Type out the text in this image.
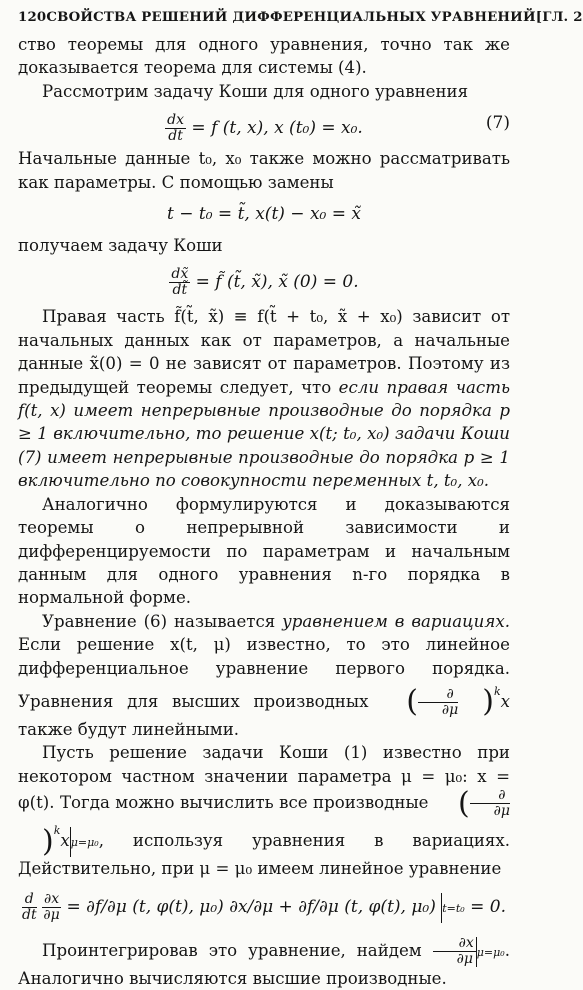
120 СВОЙСТВА РЕШЕНИЙ ДИФФЕРЕНЦИАЛЬНЫХ УРАВНЕНИЙ [ГЛ. 2

ство теоремы для одного уравнения, точно так же доказывается теорема для системы (4).

Рассмотрим задачу Коши для одного уравнения

$\frac{dx}{dt} = f$ (t, x), x (t₀) = x₀.	(7)

Начальные данные t₀, x₀ также можно рассматривать как параметры. С помощью замены

t − t₀ = t̃, x(t) − x₀ = x̃

получаем задачу Коши

$\frac{dx̃}{dt̃}$ = f̃ (t̃, x̃), x̃ (0) = 0.

Правая часть f̃(t̃, x̃) ≡ f(t̃ + t₀, x̃ + x₀) зависит от начальных данных как от параметров, а начальные данные x̃(0) = 0 не зависят от параметров. Поэтому из предыдущей теоремы следует, что если правая часть f(t, x) имеет непрерывные производные до порядка p ≥ 1 включительно, то решение x(t; t₀, x₀) задачи Коши (7) имеет непрерывные производные до порядка p ≥ 1 включительно по совокупности переменных t, t₀, x₀.

Аналогично формулируются и доказываются теоремы о непрерывной зависимости и дифференцируемости по параметрам и начальным данным для одного уравнения n-го порядка в нормальной форме.

Уравнение (6) называется уравнением в вариациях. Если решение x(t, μ) известно, то это линейное дифференциальное уравнение первого порядка. Уравнения для высших производных ( $\frac{\partial}{\partial\mu} )^kx$ также будут линейными.

Пусть решение задачи Коши (1) известно при некотором частном значении параметра μ = μ₀: x = φ(t). Тогда можно вычислить все производные ( $\frac{\partial}{\partial\mu}$
)$^k$xμ=μ₀, используя уравнения в вариациях. Действительно, при μ = μ₀ имеем линейное уравнение

$\frac{d}{dt}$
$\frac{\partial x}{\partial\mu} = \partial f/\partial\mu$ (t, φ(t), μ₀) ∂x/∂μ + ∂f/∂μ (t, φ(t), μ₀) t=t₀ = 0.

Проинтегрировав это уравнение, найдем $\frac{\partial x}{\partial\mu} \mu=\mu_0$. Аналогично вычисляются высшие производные.
